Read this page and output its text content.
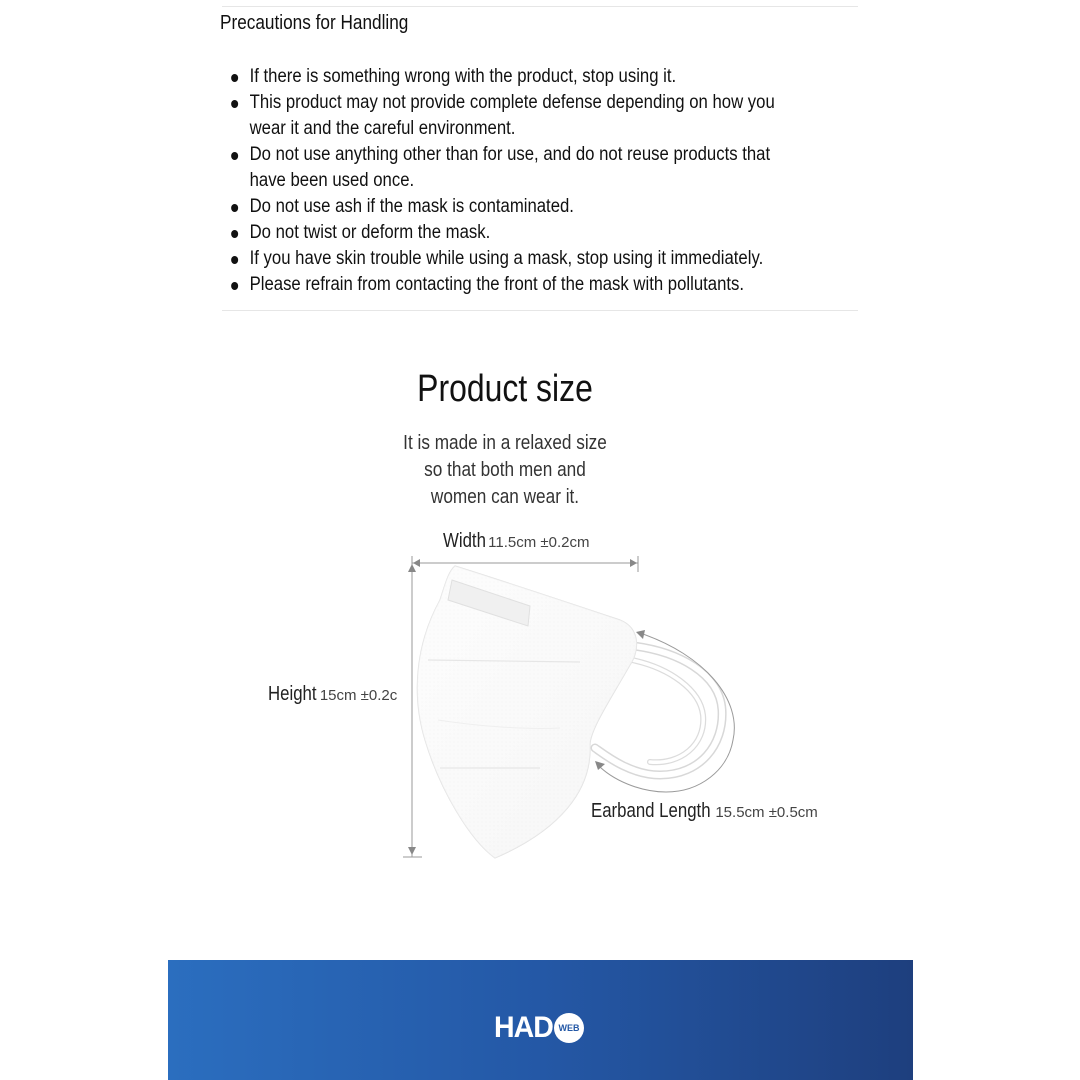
Precautions for Handling
If there is something wrong with the product, stop using it.
This product may not provide complete defense depending on how you wear it and the careful environment.
Do not use anything other than for use, and do not reuse products that have been used once.
Do not use ash if the mask is contaminated.
Do not twist or deform the mask.
If you have skin trouble while using a mask, stop using it immediately.
Please refrain from contacting the front of the mask with pollutants.
Product size
It is made in a relaxed size so that both men and women can wear it.
Width 11.5cm ±0.2cm
Height 15cm ±0.2c
Earband Length 15.5cm ±0.5cm
HAD WEB
